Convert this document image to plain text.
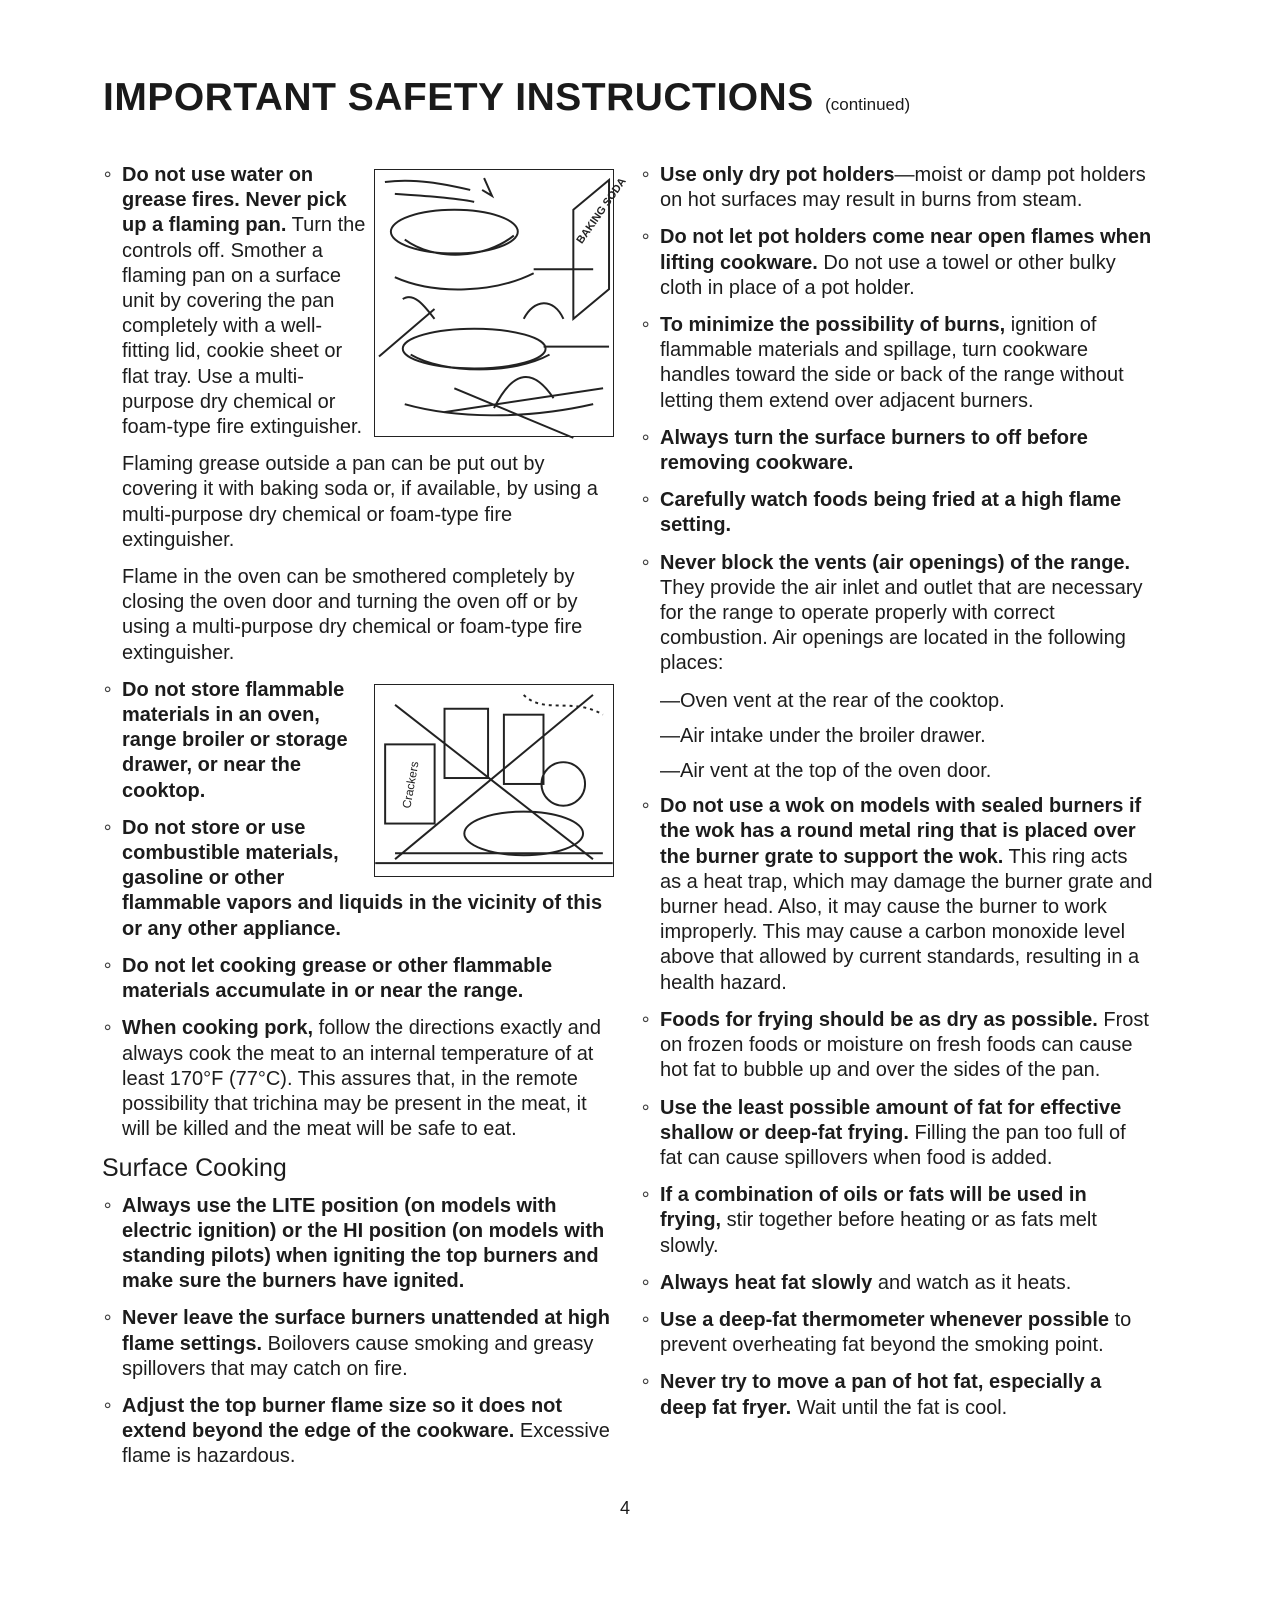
IMPORTANT SAFETY INSTRUCTIONS (continued)
∘ BAKING SODA
Do not use water on grease fires. Never pick up a flaming pan. Turn the controls off. Smother a flaming pan on a surface unit by covering the pan completely with a well-fitting lid, cookie sheet or flat tray. Use a multi-purpose dry chemical or foam-type fire extinguisher.

Flaming grease outside a pan can be put out by covering it with baking soda or, if available, by using a multi-purpose dry chemical or foam-type fire extinguisher.

Flame in the oven can be smothered completely by closing the oven door and turning the oven off or by using a multi-purpose dry chemical or foam-type fire extinguisher.

∘ Crackers
Do not store flammable materials in an oven, range broiler or storage drawer, or near the cooktop.
∘ Do not store or use combustible materials, gasoline or other flammable vapors and liquids in the vicinity of this or any other appliance.
∘ Do not let cooking grease or other flammable materials accumulate in or near the range.
∘ When cooking pork, follow the directions exactly and always cook the meat to an internal temperature of at least 170°F (77°C). This assures that, in the remote possibility that trichina may be present in the meat, it will be killed and the meat will be safe to eat.
Surface Cooking
∘ Always use the LITE position (on models with electric ignition) or the HI position (on models with standing pilots) when igniting the top burners and make sure the burners have ignited.
∘ Never leave the surface burners unattended at high flame settings. Boilovers cause smoking and greasy spillovers that may catch on fire.
∘ Adjust the top burner flame size so it does not extend beyond the edge of the cookware. Excessive flame is hazardous.
∘ Use only dry pot holders—moist or damp pot holders on hot surfaces may result in burns from steam.
∘ Do not let pot holders come near open flames when lifting cookware. Do not use a towel or other bulky cloth in place of a pot holder.
∘ To minimize the possibility of burns, ignition of flammable materials and spillage, turn cookware handles toward the side or back of the range without letting them extend over adjacent burners.
∘ Always turn the surface burners to off before removing cookware.
∘ Carefully watch foods being fried at a high flame setting.
∘ Never block the vents (air openings) of the range. They provide the air inlet and outlet that are necessary for the range to operate properly with correct combustion. Air openings are located in the following places:

—Oven vent at the rear of the cooktop.

—Air intake under the broiler drawer.

—Air vent at the top of the oven door.

∘ Do not use a wok on models with sealed burners if the wok has a round metal ring that is placed over the burner grate to support the wok. This ring acts as a heat trap, which may damage the burner grate and burner head. Also, it may cause the burner to work improperly. This may cause a carbon monoxide level above that allowed by current standards, resulting in a health hazard.
∘ Foods for frying should be as dry as possible. Frost on frozen foods or moisture on fresh foods can cause hot fat to bubble up and over the sides of the pan.
∘ Use the least possible amount of fat for effective shallow or deep-fat frying. Filling the pan too full of fat can cause spillovers when food is added.
∘ If a combination of oils or fats will be used in frying, stir together before heating or as fats melt slowly.
∘ Always heat fat slowly and watch as it heats.
∘ Use a deep-fat thermometer whenever possible to prevent overheating fat beyond the smoking point.
∘ Never try to move a pan of hot fat, especially a deep fat fryer. Wait until the fat is cool.
4
